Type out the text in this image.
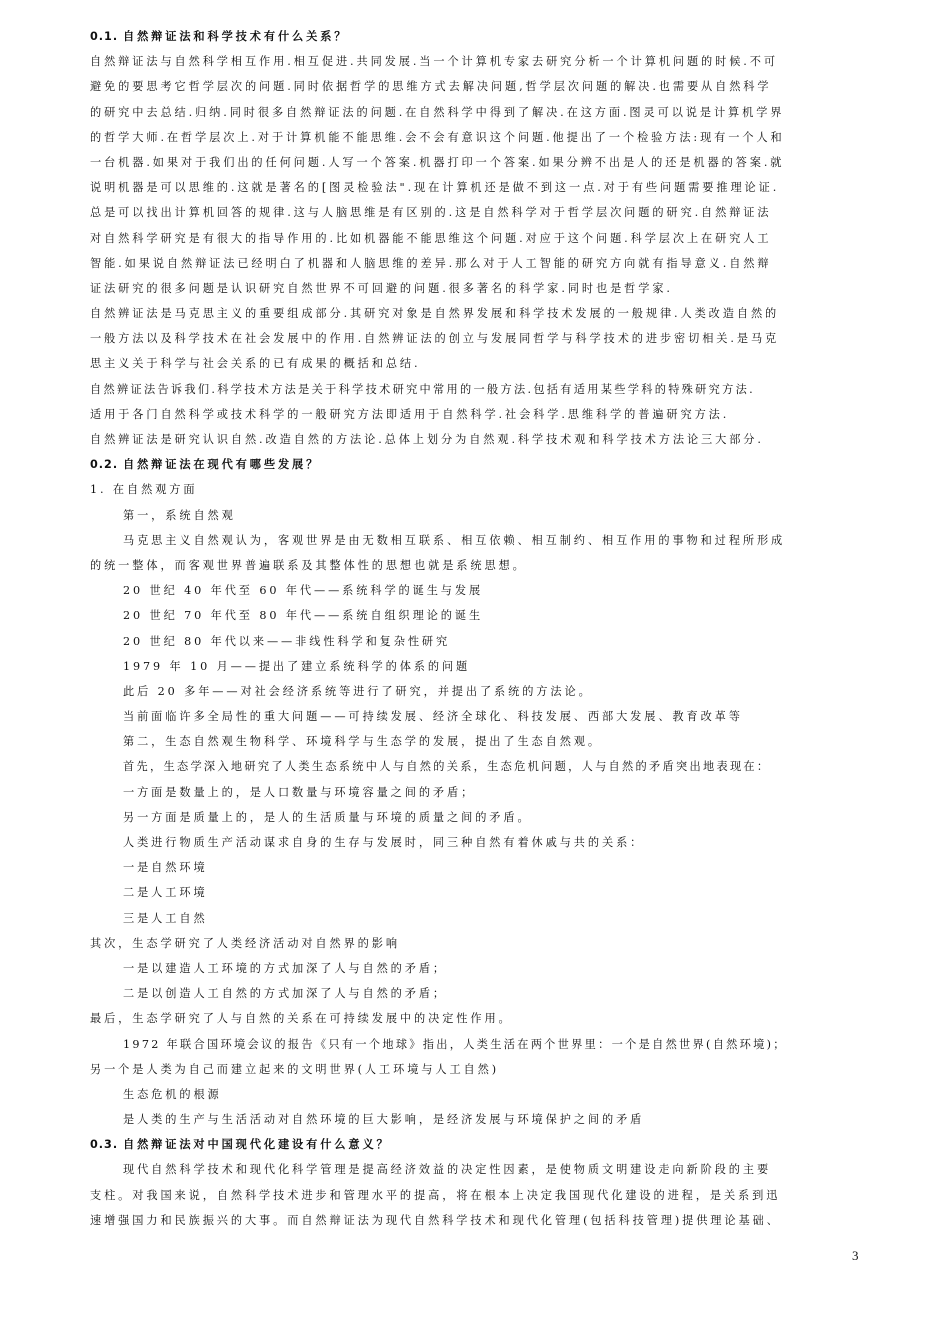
0.1. 自然辩证法和科学技术有什么关系？
自然辩证法与自然科学相互作用.相互促进.共同发展.当一个计算机专家去研究分析一个计算机问题的时候.不可
避免的要思考它哲学层次的问题.同时依据哲学的思维方式去解决问题,哲学层次问题的解决.也需要从自然科学
的研究中去总结.归纳.同时很多自然辩证法的问题.在自然科学中得到了解决.在这方面.图灵可以说是计算机学界
的哲学大师.在哲学层次上.对于计算机能不能思维.会不会有意识这个问题.他提出了一个检验方法:现有一个人和
一台机器.如果对于我们出的任何问题.人写一个答案.机器打印一个答案.如果分辨不出是人的还是机器的答案.就
说明机器是可以思维的.这就是著名的[图灵检验法".现在计算机还是做不到这一点.对于有些问题需要推理论证.
总是可以找出计算机回答的规律.这与人脑思维是有区别的.这是自然科学对于哲学层次问题的研究.自然辩证法
对自然科学研究是有很大的指导作用的.比如机器能不能思维这个问题.对应于这个问题.科学层次上在研究人工
智能.如果说自然辩证法已经明白了机器和人脑思维的差异.那么对于人工智能的研究方向就有指导意义.自然辩
证法研究的很多问题是认识研究自然世界不可回避的问题.很多著名的科学家.同时也是哲学家.
自然辨证法是马克思主义的重要组成部分.其研究对象是自然界发展和科学技术发展的一般规律.人类改造自然的
一般方法以及科学技术在社会发展中的作用.自然辨证法的创立与发展同哲学与科学技术的进步密切相关.是马克
思主义关于科学与社会关系的已有成果的概括和总结.
自然辨证法告诉我们.科学技术方法是关于科学技术研究中常用的一般方法.包括有适用某些学科的特殊研究方法.
适用于各门自然科学或技术科学的一般研究方法即适用于自然科学.社会科学.思维科学的普遍研究方法.
自然辨证法是研究认识自然.改造自然的方法论.总体上划分为自然观.科学技术观和科学技术方法论三大部分.
0.2. 自然辩证法在现代有哪些发展？
1. 在自然观方面
第一，系统自然观
马克思主义自然观认为，客观世界是由无数相互联系、相互依赖、相互制约、相互作用的事物和过程所形成
的统一整体，而客观世界普遍联系及其整体性的思想也就是系统思想。
20 世纪 40 年代至 60 年代——系统科学的诞生与发展
20 世纪 70 年代至 80 年代——系统自组织理论的诞生
20 世纪 80 年代以来——非线性科学和复杂性研究
1979 年 10 月——提出了建立系统科学的体系的问题
此后 20 多年——对社会经济系统等进行了研究，并提出了系统的方法论。
当前面临许多全局性的重大问题——可持续发展、经济全球化、科技发展、西部大发展、教育改革等
第二，生态自然观生物科学、环境科学与生态学的发展，提出了生态自然观。
首先，生态学深入地研究了人类生态系统中人与自然的关系，生态危机问题，人与自然的矛盾突出地表现在：
一方面是数量上的，是人口数量与环境容量之间的矛盾；
另一方面是质量上的，是人的生活质量与环境的质量之间的矛盾。
人类进行物质生产活动谋求自身的生存与发展时，同三种自然有着休戚与共的关系：
一是自然环境
二是人工环境
三是人工自然
其次，生态学研究了人类经济活动对自然界的影响
一是以建造人工环境的方式加深了人与自然的矛盾；
二是以创造人工自然的方式加深了人与自然的矛盾；
最后，生态学研究了人与自然的关系在可持续发展中的决定性作用。
1972 年联合国环境会议的报告《只有一个地球》指出，人类生活在两个世界里：一个是自然世界(自然环境)；
另一个是人类为自己而建立起来的文明世界(人工环境与人工自然)
生态危机的根源
是人类的生产与生活活动对自然环境的巨大影响，是经济发展与环境保护之间的矛盾
0.3. 自然辩证法对中国现代化建设有什么意义？
现代自然科学技术和现代化科学管理是提高经济效益的决定性因素，是使物质文明建设走向新阶段的主要
支柱。对我国来说，自然科学技术进步和管理水平的提高，将在根本上决定我国现代化建设的进程，是关系到迅
速增强国力和民族振兴的大事。而自然辩证法为现代自然科学技术和现代化管理(包括科技管理)提供理论基础、
3
